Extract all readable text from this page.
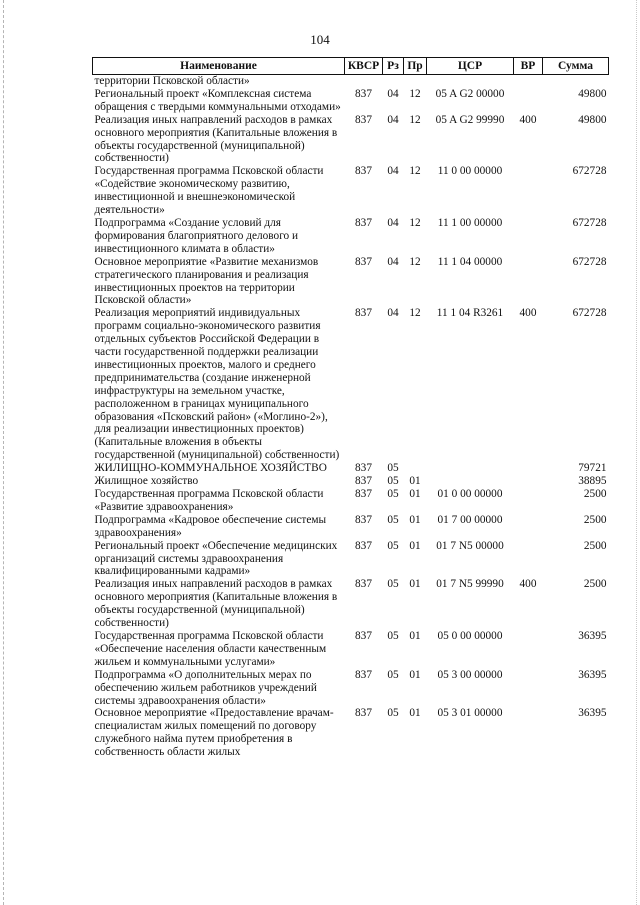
104
Наименование	КВСР	Рз	Пр	ЦСР	ВР	Сумма
территории Псковской области»						
Региональный проект «Комплексная система обращения с твердыми коммунальными отходами»	837	04	12	05 A G2 00000		49800
Реализация иных направлений расходов в рамках основного мероприятия (Капитальные вложения в объекты государственной (муниципальной) собственности)	837	04	12	05 A G2 99990	400	49800
Государственная программа Псковской области «Содействие экономическому развитию, инвестиционной и внешнеэкономической деятельности»	837	04	12	11 0 00 00000		672728
Подпрограмма «Создание условий для формирования благоприятного делового и инвестиционного климата в области»	837	04	12	11 1 00 00000		672728
Основное мероприятие «Развитие механизмов стратегического планирования и реализация инвестиционных проектов на территории Псковской области»	837	04	12	11 1 04 00000		672728
Реализация мероприятий индивидуальных программ социально-экономического развития отдельных субъектов Российской Федерации в части государственной поддержки реализации инвестиционных проектов, малого и среднего предпринимательства (создание инженерной инфраструктуры на земельном участке, расположенном в границах муниципального образования «Псковский район» («Моглино-2»), для реализации инвестиционных проектов) (Капитальные вложения в объекты государственной (муниципальной) собственности)	837	04	12	11 1 04 R3261	400	672728
ЖИЛИЩНО-КОММУНАЛЬНОЕ ХОЗЯЙСТВО	837	05				79721
Жилищное хозяйство	837	05	01			38895
Государственная программа Псковской области «Развитие здравоохранения»	837	05	01	01 0 00 00000		2500
Подпрограмма «Кадровое обеспечение системы здравоохранения»	837	05	01	01 7 00 00000		2500
Региональный проект «Обеспечение медицинских организаций системы здравоохранения квалифицированными кадрами»	837	05	01	01 7 N5 00000		2500
Реализация иных направлений расходов в рамках основного мероприятия (Капитальные вложения в объекты государственной (муниципальной) собственности)	837	05	01	01 7 N5 99990	400	2500
Государственная программа Псковской области «Обеспечение населения области качественным жильем и коммунальными услугами»	837	05	01	05 0 00 00000		36395
Подпрограмма «О дополнительных мерах по обеспечению жильем работников учреждений системы здравоохранения области»	837	05	01	05 3 00 00000		36395
Основное мероприятие «Предоставление врачам-специалистам жилых помещений по договору служебного найма путем приобретения в собственность области жилых	837	05	01	05 3 01 00000		36395
